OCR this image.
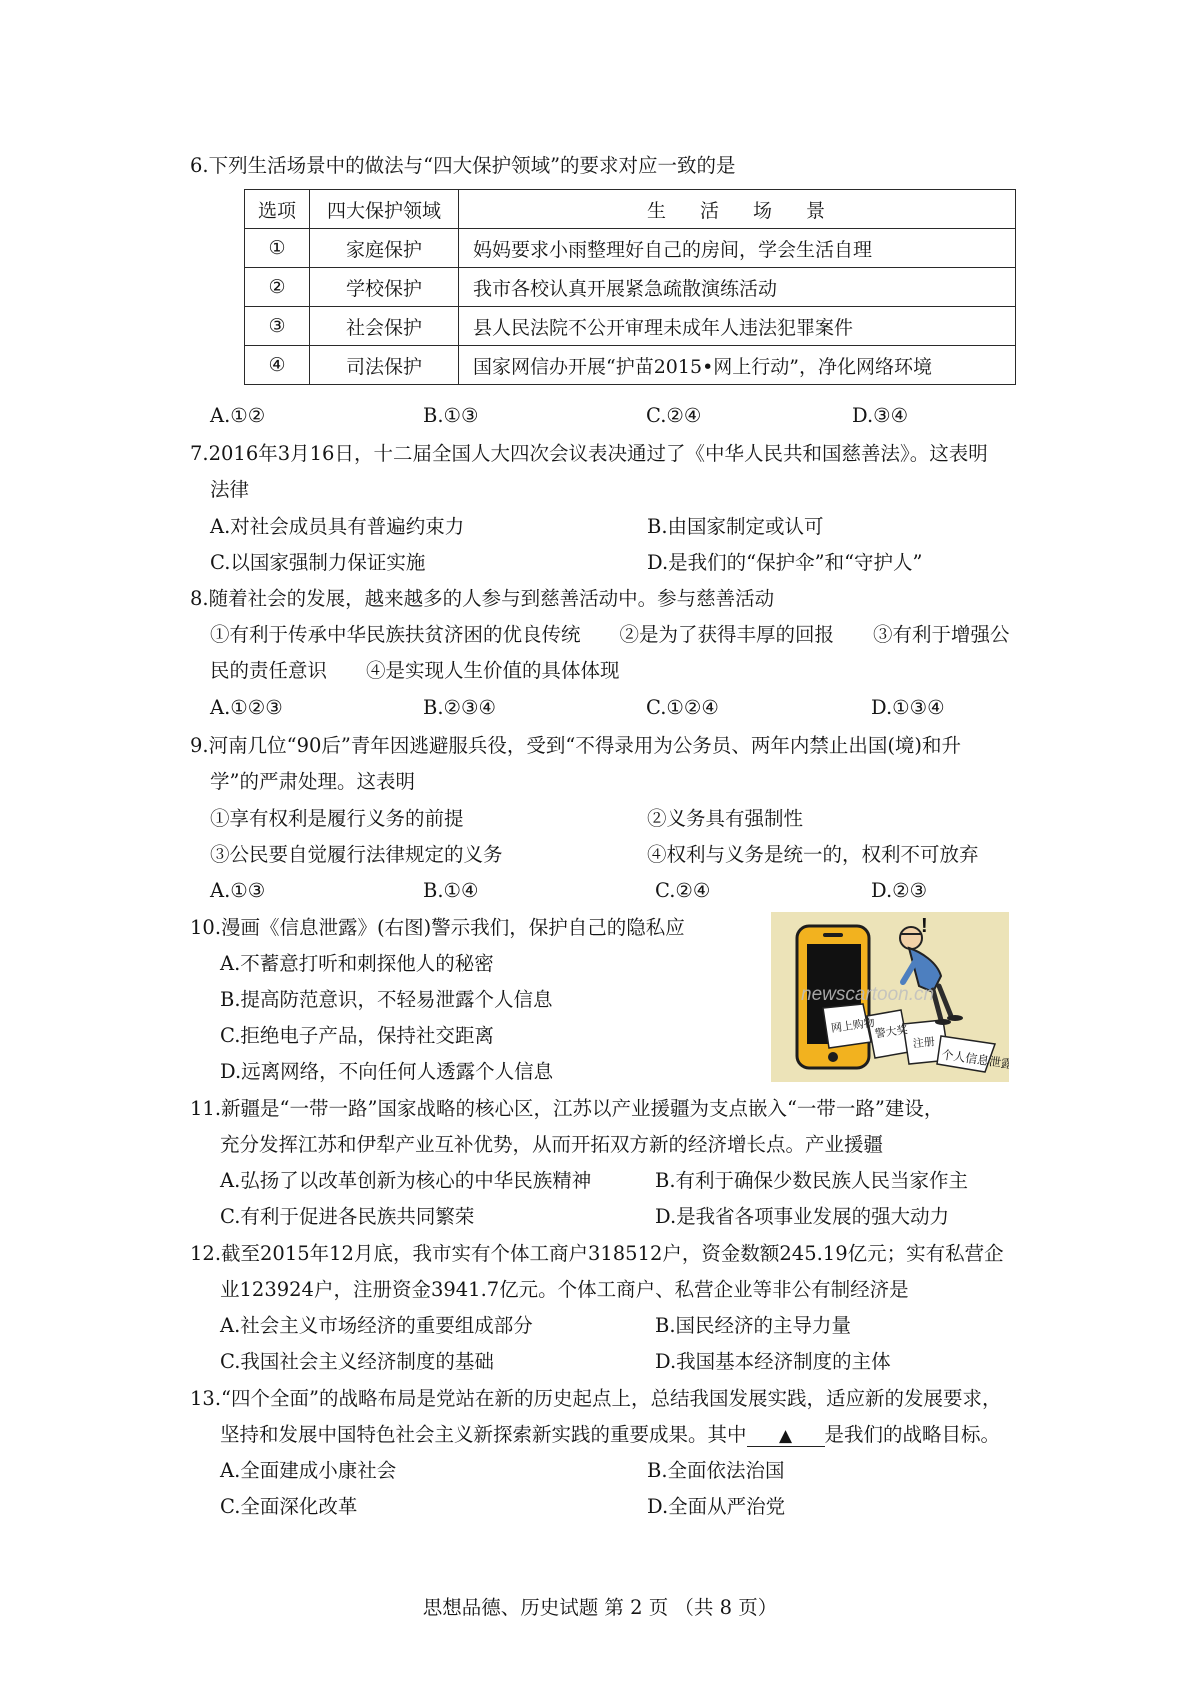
6.下列生活场景中的做法与“四大保护领域”的要求对应一致的是
选项	四大保护领域	生活场景
①	家庭保护	妈妈要求小雨整理好自己的房间，学会生活自理
②	学校保护	我市各校认真开展紧急疏散演练活动
③	社会保护	县人民法院不公开审理未成年人违法犯罪案件
④	司法保护	国家网信办开展“护苗2015•网上行动”，净化网络环境
A.①②	B.①③	C.②④	D.③④
7.2016年3月16日，十二届全国人大四次会议表决通过了《中华人民共和国慈善法》。这表明
法律
A.对社会成员具有普遍约束力	B.由国家制定或认可
C.以国家强制力保证实施	D.是我们的“保护伞”和“守护人”
8.随着社会的发展，越来越多的人参与到慈善活动中。参与慈善活动
①有利于传承中华民族扶贫济困的优良传统　　②是为了获得丰厚的回报　　③有利于增强公
民的责任意识　　④是实现人生价值的具体体现
A.①②③	B.②③④	C.①②④	D.①③④
9.河南几位“90后”青年因逃避服兵役，受到“不得录用为公务员、两年内禁止出国(境)和升
学”的严肃处理。这表明
①享有权利是履行义务的前提	②义务具有强制性
③公民要自觉履行法律规定的义务	④权利与义务是统一的，权利不可放弃
A.①③	B.①④	C.②④	D.②③
10.漫画《信息泄露》(右图)警示我们，保护自己的隐私应
A.不蓄意打听和刺探他人的秘密
B.提高防范意识，不轻易泄露个人信息
C.拒绝电子产品，保持社交距离
D.远离网络，不向任何人透露个人信息
网上购物
警大奖
注册
!
newscartoon.cn
个人信息泄露
11.新疆是“一带一路”国家战略的核心区，江苏以产业援疆为支点嵌入“一带一路”建设，
充分发挥江苏和伊犁产业互补优势，从而开拓双方新的经济增长点。产业援疆
A.弘扬了以改革创新为核心的中华民族精神	B.有利于确保少数民族人民当家作主
C.有利于促进各民族共同繁荣	D.是我省各项事业发展的强大动力
12.截至2015年12月底，我市实有个体工商户318512户，资金数额245.19亿元；实有私营企
业123924户，注册资金3941.7亿元。个体工商户、私营企业等非公有制经济是
A.社会主义市场经济的重要组成部分	B.国民经济的主导力量
C.我国社会主义经济制度的基础	D.我国基本经济制度的主体
13.“四个全面”的战略布局是党站在新的历史起点上，总结我国发展实践，适应新的发展要求，
坚持和发展中国特色社会主义新探索新实践的重要成果。其中 ▲ 是我们的战略目标。
A.全面建成小康社会	B.全面依法治国
C.全面深化改革	D.全面从严治党
思想品德、历史试题 第 2 页 （共 8 页）
